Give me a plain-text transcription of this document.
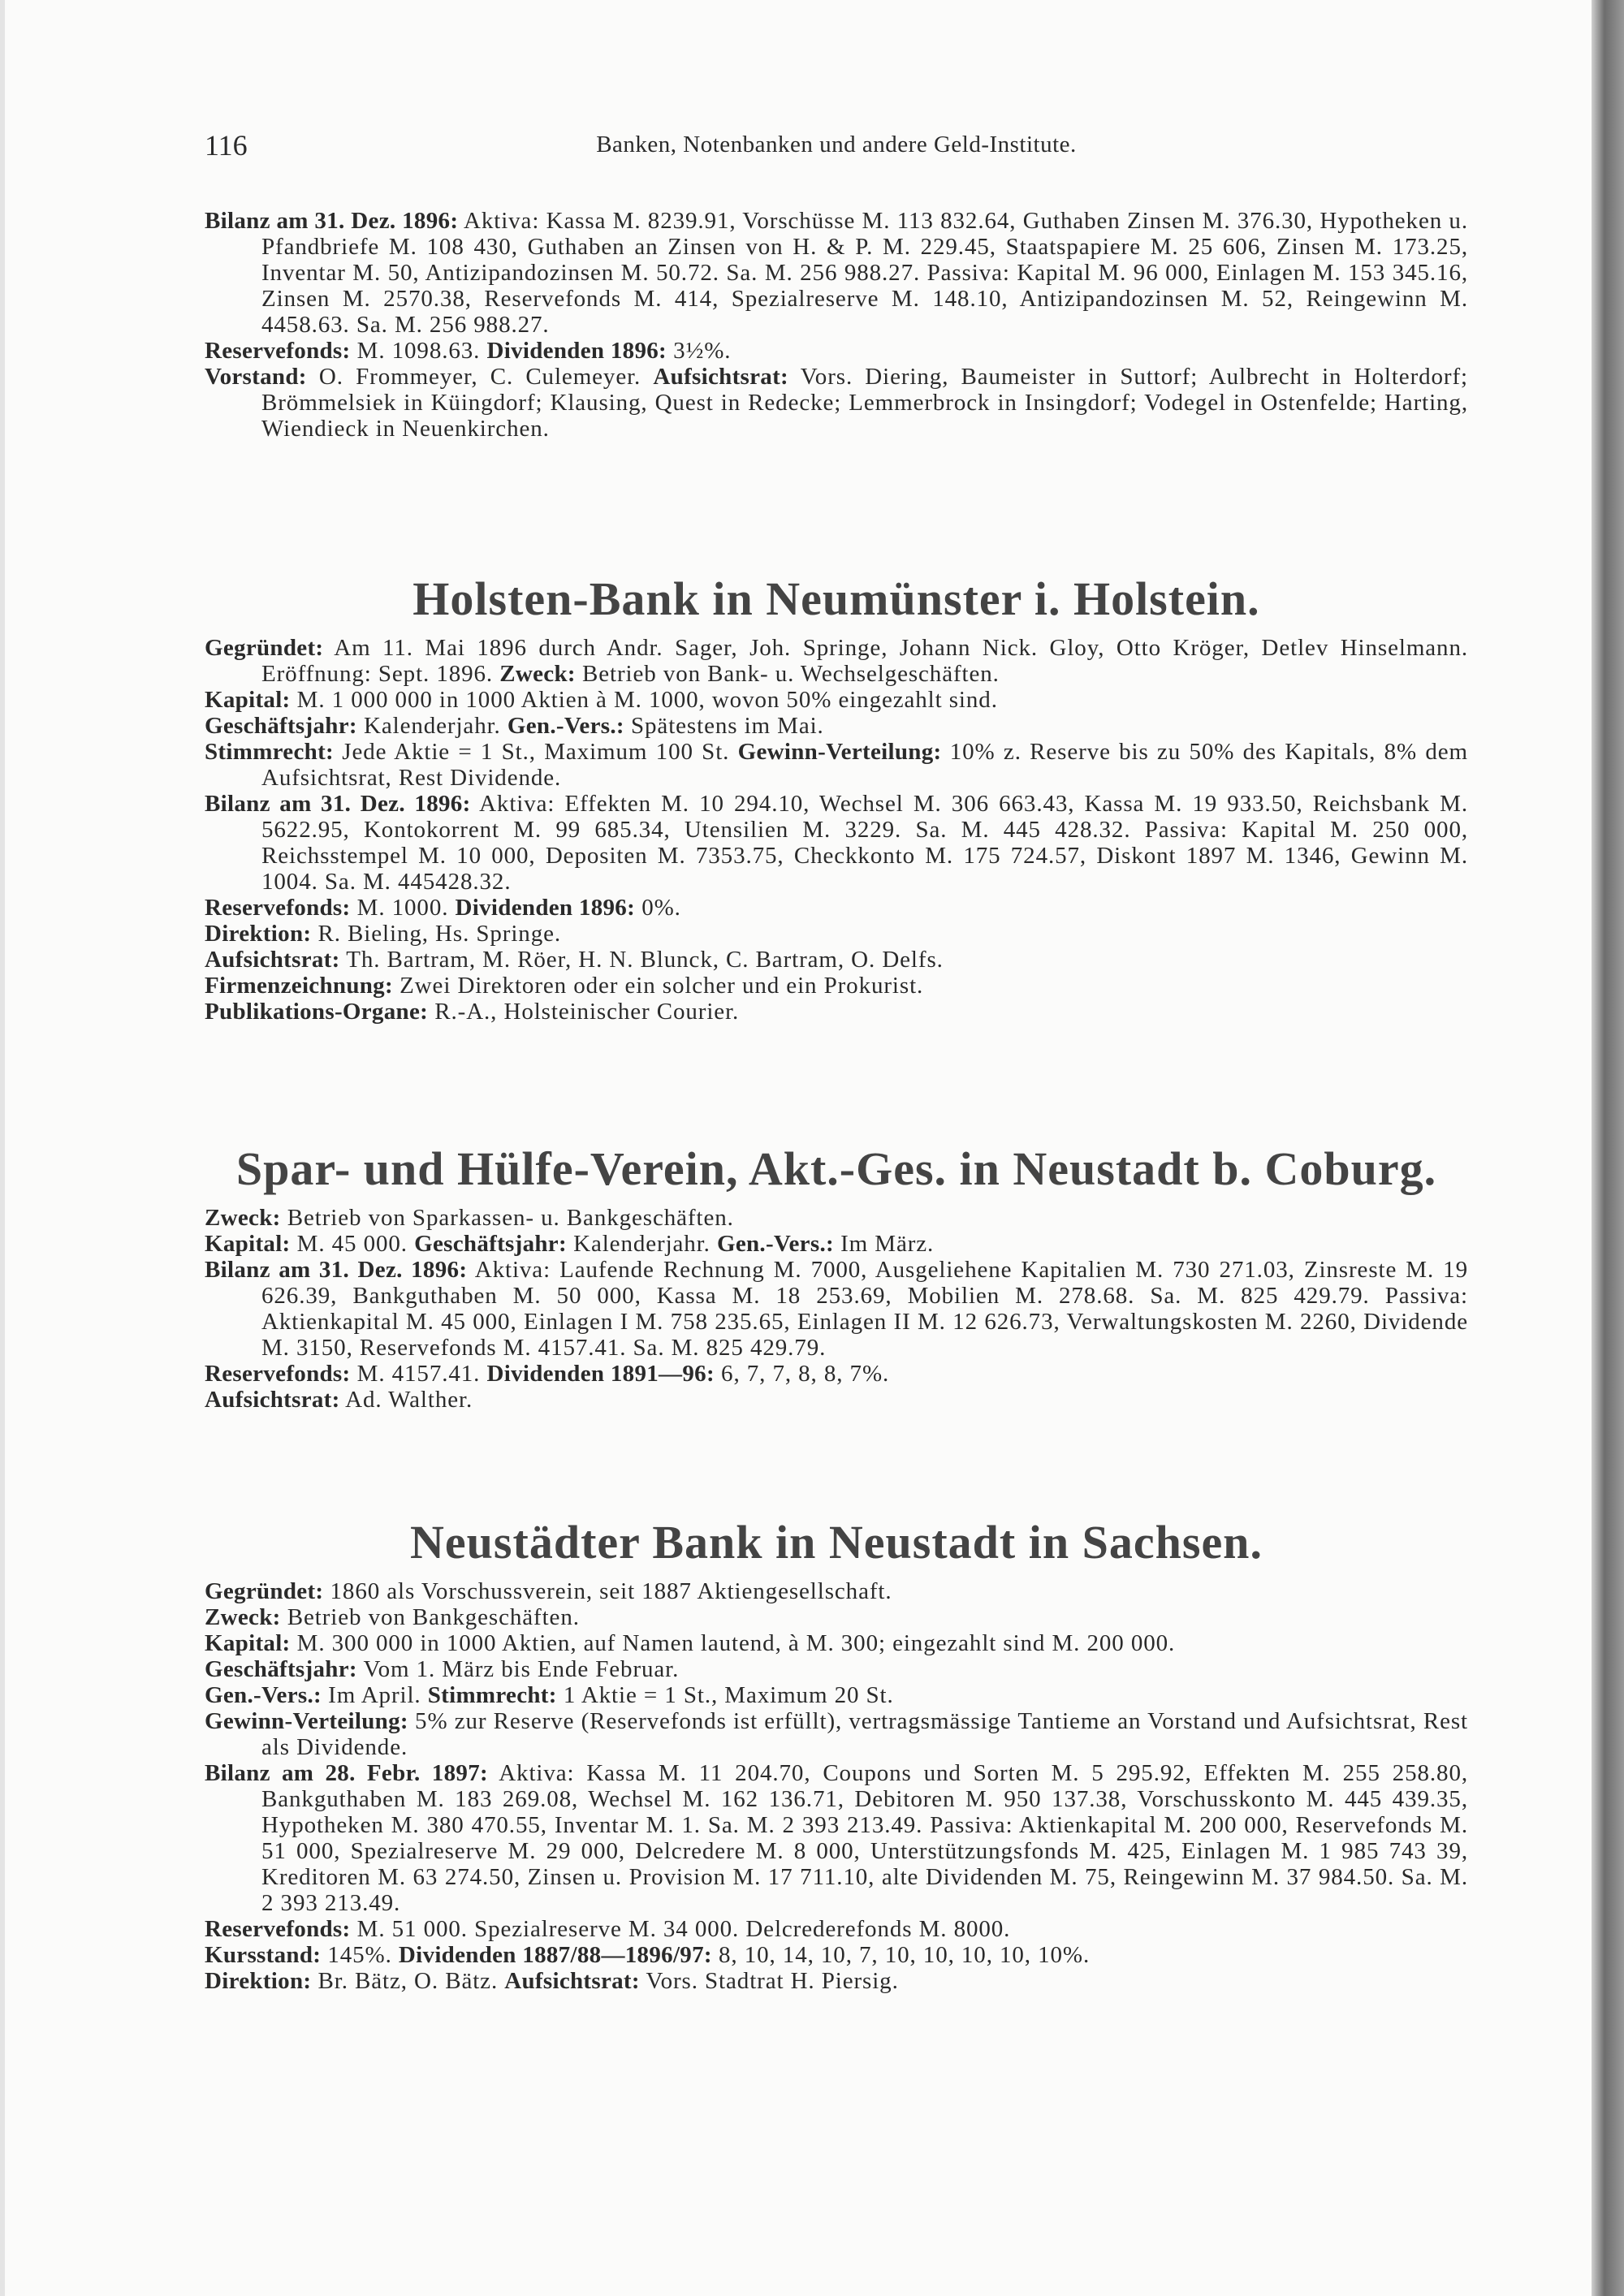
116	Banken, Notenbanken und andere Geld-Institute.

Bilanz am 31. Dez. 1896: Aktiva: Kassa M. 8239.91, Vorschüsse M. 113 832.64, Guthaben Zinsen M. 376.30, Hypotheken u. Pfandbriefe M. 108 430, Guthaben an Zinsen von H. & P. M. 229.45, Staatspapiere M. 25 606, Zinsen M. 173.25, Inventar M. 50, Antizipandozinsen M. 50.72. Sa. M. 256 988.27. Passiva: Kapital M. 96 000, Einlagen M. 153 345.16, Zinsen M. 2570.38, Reservefonds M. 414, Spezialreserve M. 148.10, Antizipandozinsen M. 52, Reingewinn M. 4458.63. Sa. M. 256 988.27.

Reservefonds: M. 1098.63. Dividenden 1896: 3½%.

Vorstand: O. Frommeyer, C. Culemeyer. Aufsichtsrat: Vors. Diering, Baumeister in Suttorf; Aulbrecht in Holterdorf; Brömmelsiek in Küingdorf; Klausing, Quest in Redecke; Lemmerbrock in Insingdorf; Vodegel in Ostenfelde; Harting, Wiendieck in Neuenkirchen.

Holsten-Bank in Neumünster i. Holstein.

Gegründet: Am 11. Mai 1896 durch Andr. Sager, Joh. Springe, Johann Nick. Gloy, Otto Kröger, Detlev Hinselmann. Eröffnung: Sept. 1896. Zweck: Betrieb von Bank- u. Wechselgeschäften.

Kapital: M. 1 000 000 in 1000 Aktien à M. 1000, wovon 50% eingezahlt sind.

Geschäftsjahr: Kalenderjahr. Gen.-Vers.: Spätestens im Mai.

Stimmrecht: Jede Aktie = 1 St., Maximum 100 St. Gewinn-Verteilung: 10% z. Reserve bis zu 50% des Kapitals, 8% dem Aufsichtsrat, Rest Dividende.

Bilanz am 31. Dez. 1896: Aktiva: Effekten M. 10 294.10, Wechsel M. 306 663.43, Kassa M. 19 933.50, Reichsbank M. 5622.95, Kontokorrent M. 99 685.34, Utensilien M. 3229. Sa. M. 445 428.32. Passiva: Kapital M. 250 000, Reichsstempel M. 10 000, Depositen M. 7353.75, Checkkonto M. 175 724.57, Diskont 1897 M. 1346, Gewinn M. 1004. Sa. M. 445428.32.

Reservefonds: M. 1000. Dividenden 1896: 0%.

Direktion: R. Bieling, Hs. Springe.

Aufsichtsrat: Th. Bartram, M. Röer, H. N. Blunck, C. Bartram, O. Delfs.

Firmenzeichnung: Zwei Direktoren oder ein solcher und ein Prokurist.

Publikations-Organe: R.-A., Holsteinischer Courier.

Spar- und Hülfe-Verein, Akt.-Ges. in Neustadt b. Coburg.

Zweck: Betrieb von Sparkassen- u. Bankgeschäften.

Kapital: M. 45 000. Geschäftsjahr: Kalenderjahr. Gen.-Vers.: Im März.

Bilanz am 31. Dez. 1896: Aktiva: Laufende Rechnung M. 7000, Ausgeliehene Kapitalien M. 730 271.03, Zinsreste M. 19 626.39, Bankguthaben M. 50 000, Kassa M. 18 253.69, Mobilien M. 278.68. Sa. M. 825 429.79. Passiva: Aktienkapital M. 45 000, Einlagen I M. 758 235.65, Einlagen II M. 12 626.73, Verwaltungskosten M. 2260, Dividende M. 3150, Reservefonds M. 4157.41. Sa. M. 825 429.79.

Reservefonds: M. 4157.41. Dividenden 1891—96: 6, 7, 7, 8, 8, 7%.

Aufsichtsrat: Ad. Walther.

Neustädter Bank in Neustadt in Sachsen.

Gegründet: 1860 als Vorschussverein, seit 1887 Aktiengesellschaft.

Zweck: Betrieb von Bankgeschäften.

Kapital: M. 300 000 in 1000 Aktien, auf Namen lautend, à M. 300; eingezahlt sind M. 200 000.

Geschäftsjahr: Vom 1. März bis Ende Februar.

Gen.-Vers.: Im April. Stimmrecht: 1 Aktie = 1 St., Maximum 20 St.

Gewinn-Verteilung: 5% zur Reserve (Reservefonds ist erfüllt), vertragsmässige Tantieme an Vorstand und Aufsichtsrat, Rest als Dividende.

Bilanz am 28. Febr. 1897: Aktiva: Kassa M. 11 204.70, Coupons und Sorten M. 5 295.92, Effekten M. 255 258.80, Bankguthaben M. 183 269.08, Wechsel M. 162 136.71, Debitoren M. 950 137.38, Vorschusskonto M. 445 439.35, Hypotheken M. 380 470.55, Inventar M. 1. Sa. M. 2 393 213.49. Passiva: Aktienkapital M. 200 000, Reservefonds M. 51 000, Spezialreserve M. 29 000, Delcredere M. 8 000, Unterstützungsfonds M. 425, Einlagen M. 1 985 743 39, Kreditoren M. 63 274.50, Zinsen u. Provision M. 17 711.10, alte Dividenden M. 75, Reingewinn M. 37 984.50. Sa. M. 2 393 213.49.

Reservefonds: M. 51 000. Spezialreserve M. 34 000. Delcrederefonds M. 8000.

Kursstand: 145%. Dividenden 1887/88—1896/97: 8, 10, 14, 10, 7, 10, 10, 10, 10, 10%.

Direktion: Br. Bätz, O. Bätz. Aufsichtsrat: Vors. Stadtrat H. Piersig.
